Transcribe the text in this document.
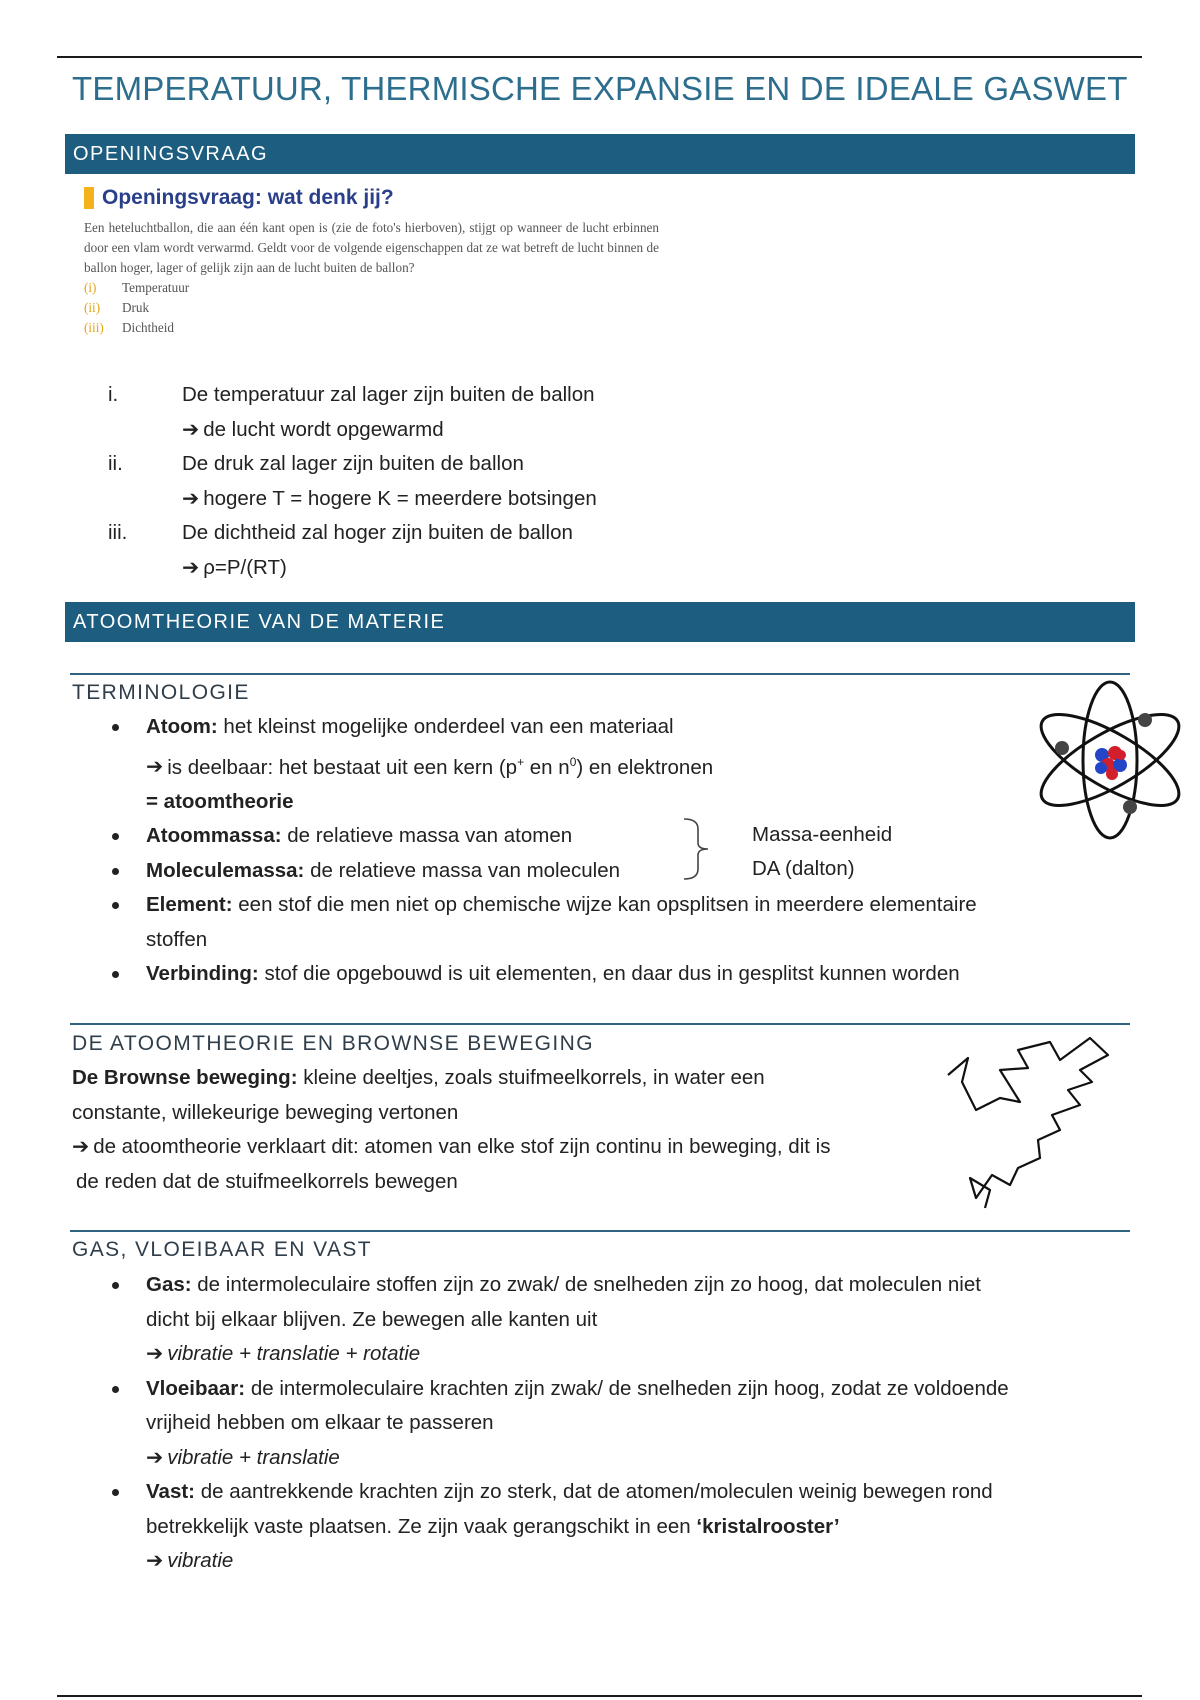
TEMPERATUUR, THERMISCHE EXPANSIE EN DE IDEALE GASWET
OPENINGSVRAAG
Openingsvraag: wat denk jij?
Een heteluchtballon, die aan één kant open is (zie de foto's hierboven), stijgt op wanneer de lucht erbinnen door een vlam wordt verwarmd. Geldt voor de volgende eigenschappen dat ze wat betreft de lucht binnen de ballon hoger, lager of gelijk zijn aan de lucht buiten de ballon?
(i) Temperatuur
(ii) Druk
(iii) Dichtheid
i.	De temperatuur zal lager zijn buiten de ballon
➔ de lucht wordt opgewarmd
ii.	De druk zal lager zijn buiten de ballon
➔ hogere T = hogere K = meerdere botsingen
iii.	De dichtheid zal hoger zijn buiten de ballon
➔ ρ=P/(RT)
ATOOMTHEORIE VAN DE MATERIE
TERMINOLOGIE
Atoom: het kleinst mogelijke onderdeel van een materiaal
➔ is deelbaar: het bestaat uit een kern (p+ en $n^0$) en elektronen
= atoomtheorie
Atoommassa: de relatieve massa van atomen
Moleculemassa: de relatieve massa van moleculen
Element: een stof die men niet op chemische wijze kan opsplitsen in meerdere elementaire
stoffen
Verbinding: stof die opgebouwd is uit elementen, en daar dus in gesplitst kunnen worden
Massa-eenheid
DA (dalton)
DE ATOOMTHEORIE EN BROWNSE BEWEGING
De Brownse beweging: kleine deeltjes, zoals stuifmeelkorrels, in water een
constante, willekeurige beweging vertonen
➔ de atoomtheorie verklaart dit: atomen van elke stof zijn continu in beweging, dit is
de reden dat de stuifmeelkorrels bewegen
GAS, VLOEIBAAR EN VAST
Gas: de intermoleculaire stoffen zijn zo zwak/ de snelheden zijn zo hoog, dat moleculen niet
dicht bij elkaar blijven. Ze bewegen alle kanten uit
➔ vibratie + translatie + rotatie
Vloeibaar: de intermoleculaire krachten zijn zwak/ de snelheden zijn hoog, zodat ze voldoende
vrijheid hebben om elkaar te passeren
➔ vibratie + translatie
Vast: de aantrekkende krachten zijn zo sterk, dat de atomen/moleculen weinig bewegen rond
betrekkelijk vaste plaatsen. Ze zijn vaak gerangschikt in een ‘kristalrooster’
➔ vibratie
